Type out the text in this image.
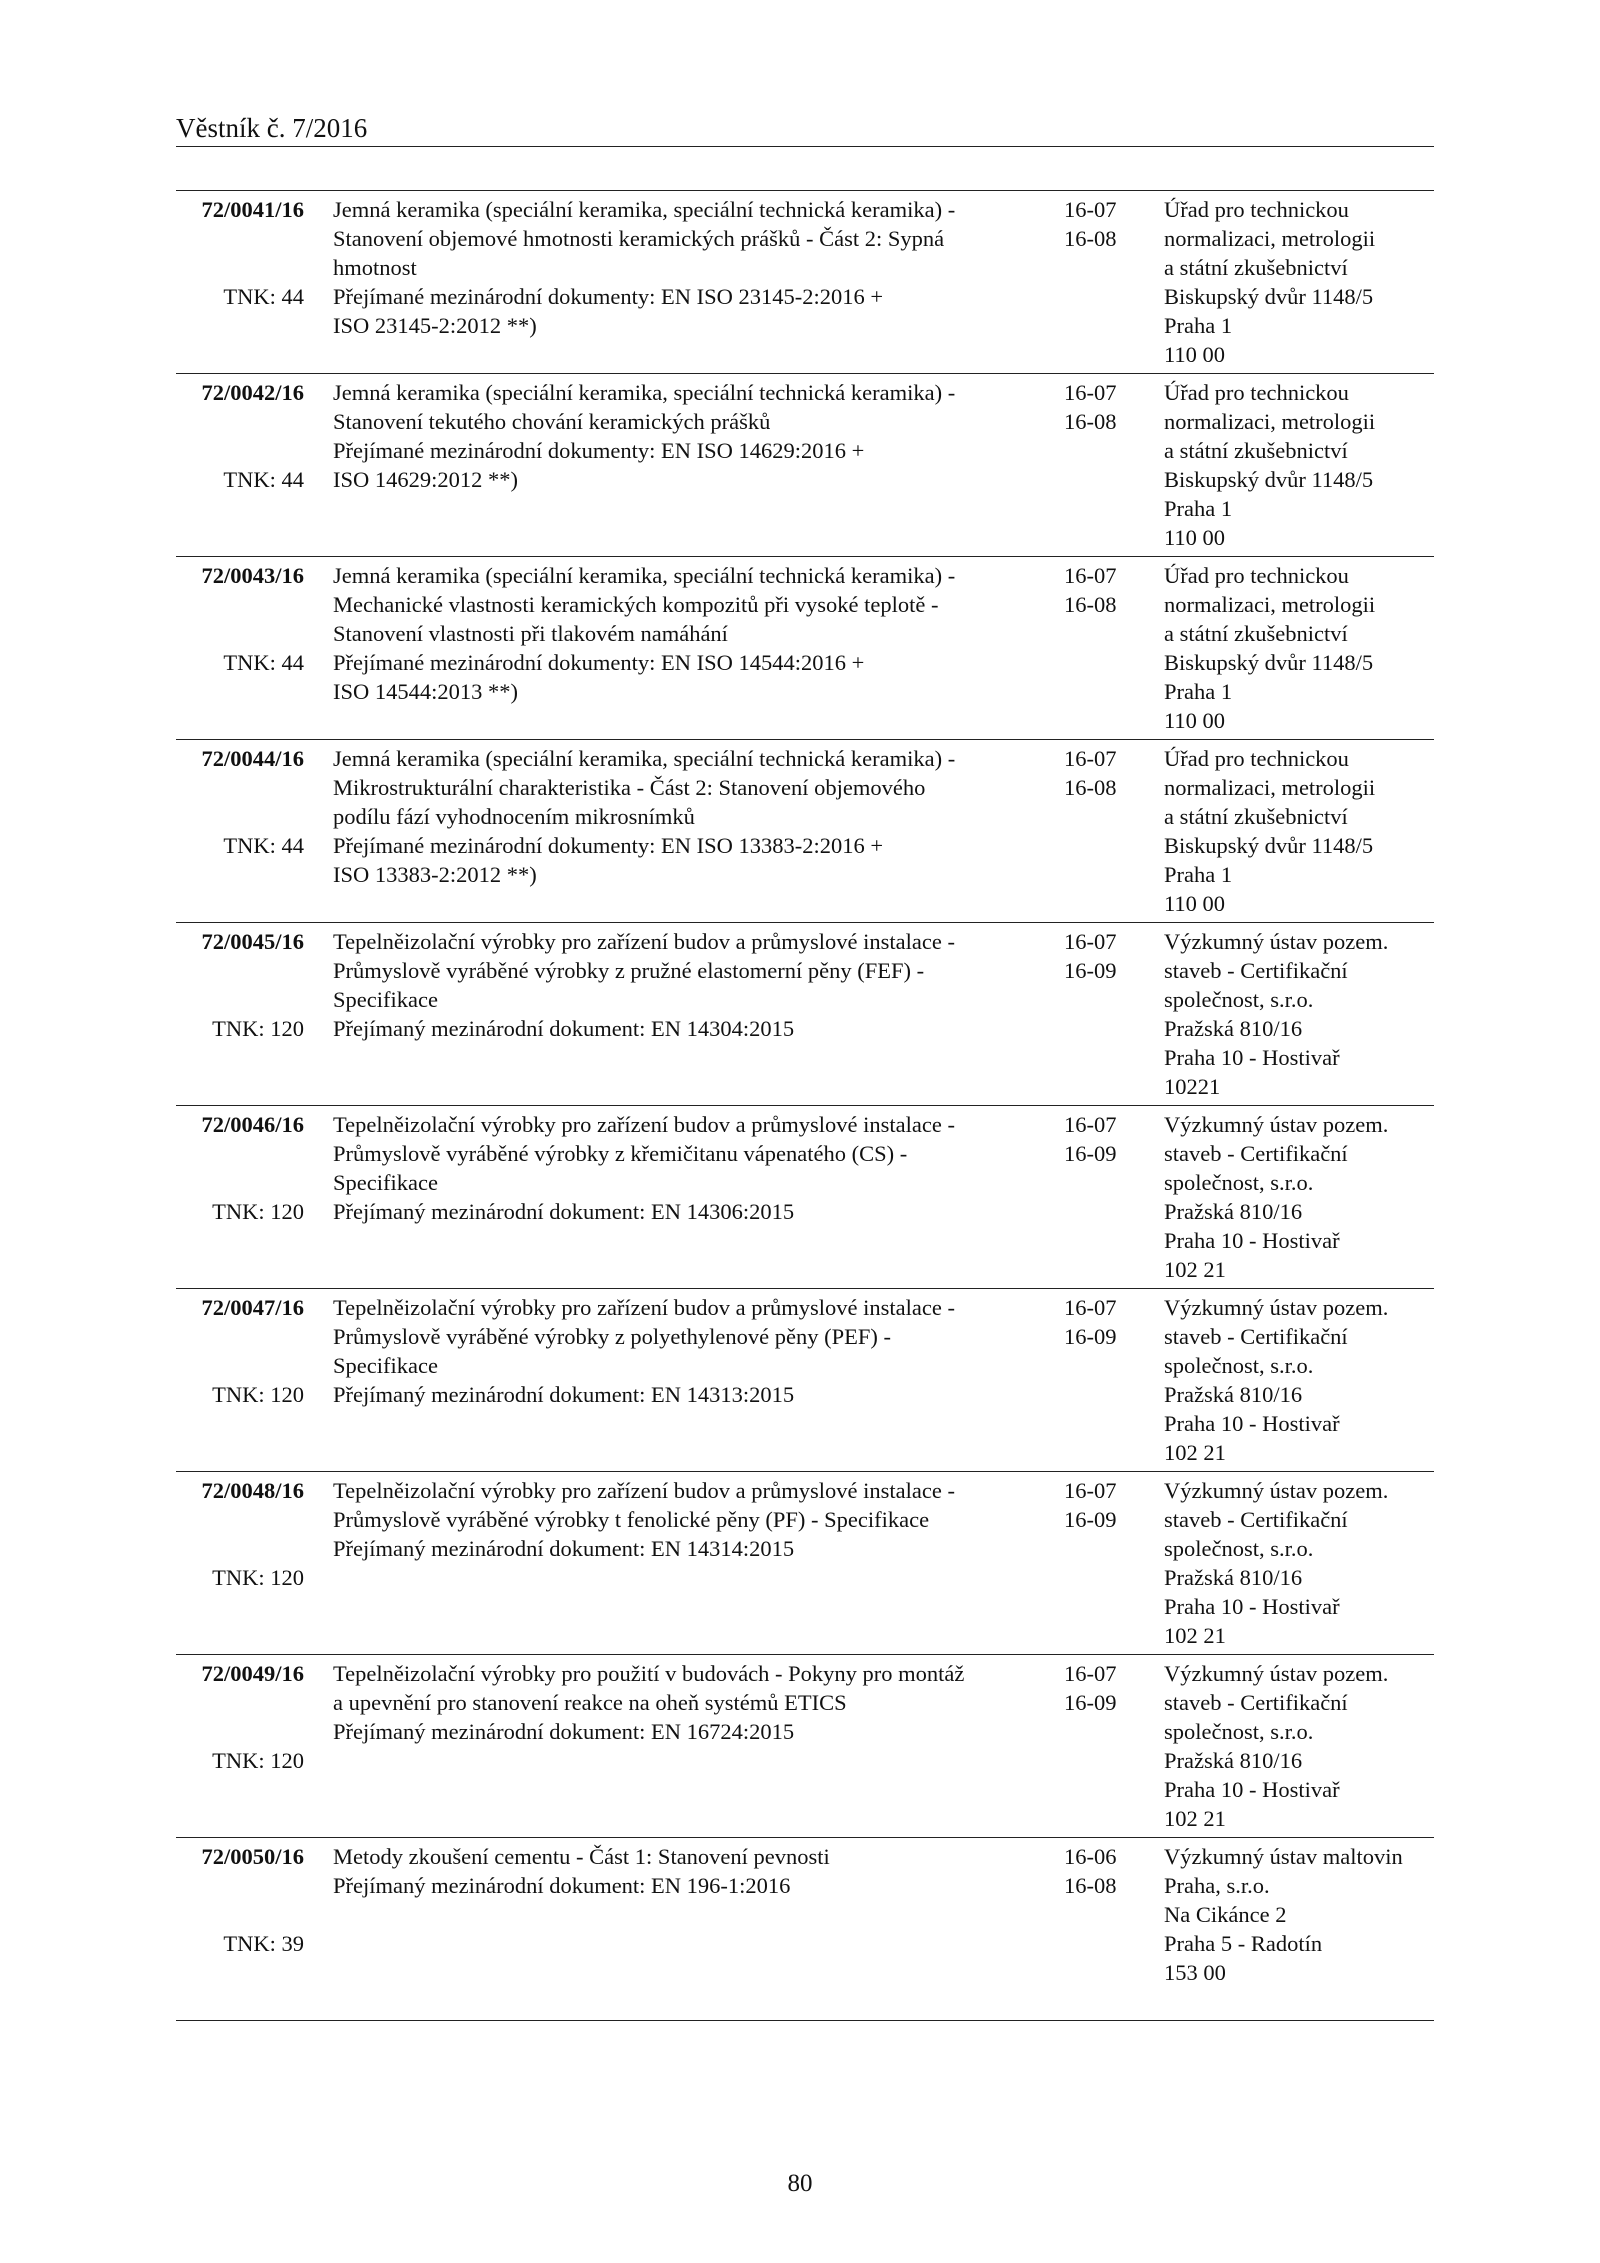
Věstník č. 7/2016
72/0041/16
TNK: 44
Jemná keramika (speciální keramika, speciální technická keramika) -
Stanovení objemové hmotnosti keramických prášků - Část 2: Sypná
hmotnost
Přejímané mezinárodní dokumenty: EN ISO 23145-2:2016 +
ISO 23145-2:2012 **)
16-07
16-08
Úřad pro technickou
normalizaci, metrologii
a státní zkušebnictví
Biskupský dvůr 1148/5
Praha 1
110 00
72/0042/16
TNK: 44
Jemná keramika (speciální keramika, speciální technická keramika) -
Stanovení tekutého chování keramických prášků
Přejímané mezinárodní dokumenty: EN ISO 14629:2016 +
ISO 14629:2012 **)

16-07
16-08
Úřad pro technickou
normalizaci, metrologii
a státní zkušebnictví
Biskupský dvůr 1148/5
Praha 1
110 00
72/0043/16
TNK: 44
Jemná keramika (speciální keramika, speciální technická keramika) -
Mechanické vlastnosti keramických kompozitů při vysoké teplotě -
Stanovení vlastnosti při tlakovém namáhání
Přejímané mezinárodní dokumenty: EN ISO 14544:2016 +
ISO 14544:2013 **)
16-07
16-08
Úřad pro technickou
normalizaci, metrologii
a státní zkušebnictví
Biskupský dvůr 1148/5
Praha 1
110 00
72/0044/16
TNK: 44
Jemná keramika (speciální keramika, speciální technická keramika) -
Mikrostrukturální charakteristika - Část 2: Stanovení objemového
podílu fází vyhodnocením mikrosnímků
Přejímané mezinárodní dokumenty: EN ISO 13383-2:2016 +
ISO 13383-2:2012 **)
16-07
16-08
Úřad pro technickou
normalizaci, metrologii
a státní zkušebnictví
Biskupský dvůr 1148/5
Praha 1
110 00
72/0045/16
TNK: 120
Tepelněizolační výrobky pro zařízení budov a průmyslové instalace -
Průmyslově vyráběné výrobky z pružné elastomerní pěny (FEF) -
Specifikace
Přejímaný mezinárodní dokument: EN 14304:2015

16-07
16-09
Výzkumný ústav pozem.
staveb - Certifikační
společnost, s.r.o.
Pražská 810/16
Praha 10 - Hostivař
10221
72/0046/16
TNK: 120
Tepelněizolační výrobky pro zařízení budov a průmyslové instalace -
Průmyslově vyráběné výrobky z křemičitanu vápenatého (CS) -
Specifikace
Přejímaný mezinárodní dokument: EN 14306:2015

16-07
16-09
Výzkumný ústav pozem.
staveb - Certifikační
společnost, s.r.o.
Pražská 810/16
Praha 10 - Hostivař
102 21
72/0047/16
TNK: 120
Tepelněizolační výrobky pro zařízení budov a průmyslové instalace -
Průmyslově vyráběné výrobky z polyethylenové pěny (PEF) -
Specifikace
Přejímaný mezinárodní dokument: EN 14313:2015

16-07
16-09
Výzkumný ústav pozem.
staveb - Certifikační
společnost, s.r.o.
Pražská 810/16
Praha 10 - Hostivař
102 21
72/0048/16
TNK: 120
Tepelněizolační výrobky pro zařízení budov a průmyslové instalace -
Průmyslově vyráběné výrobky t fenolické pěny (PF) - Specifikace
Přejímaný mezinárodní dokument: EN 14314:2015

16-07
16-09
Výzkumný ústav pozem.
staveb - Certifikační
společnost, s.r.o.
Pražská 810/16
Praha 10 - Hostivař
102 21
72/0049/16
TNK: 120
Tepelněizolační výrobky pro použití v budovách - Pokyny pro montáž
a upevnění pro stanovení reakce na oheň systémů ETICS
Přejímaný mezinárodní dokument: EN 16724:2015

16-07
16-09
Výzkumný ústav pozem.
staveb - Certifikační
společnost, s.r.o.
Pražská 810/16
Praha 10 - Hostivař
102 21
72/0050/16
TNK: 39
Metody zkoušení cementu - Část 1: Stanovení pevnosti
Přejímaný mezinárodní dokument: EN 196-1:2016

16-06
16-08
Výzkumný ústav maltovin
Praha, s.r.o.
Na Cikánce 2
Praha 5 - Radotín
153 00
80
